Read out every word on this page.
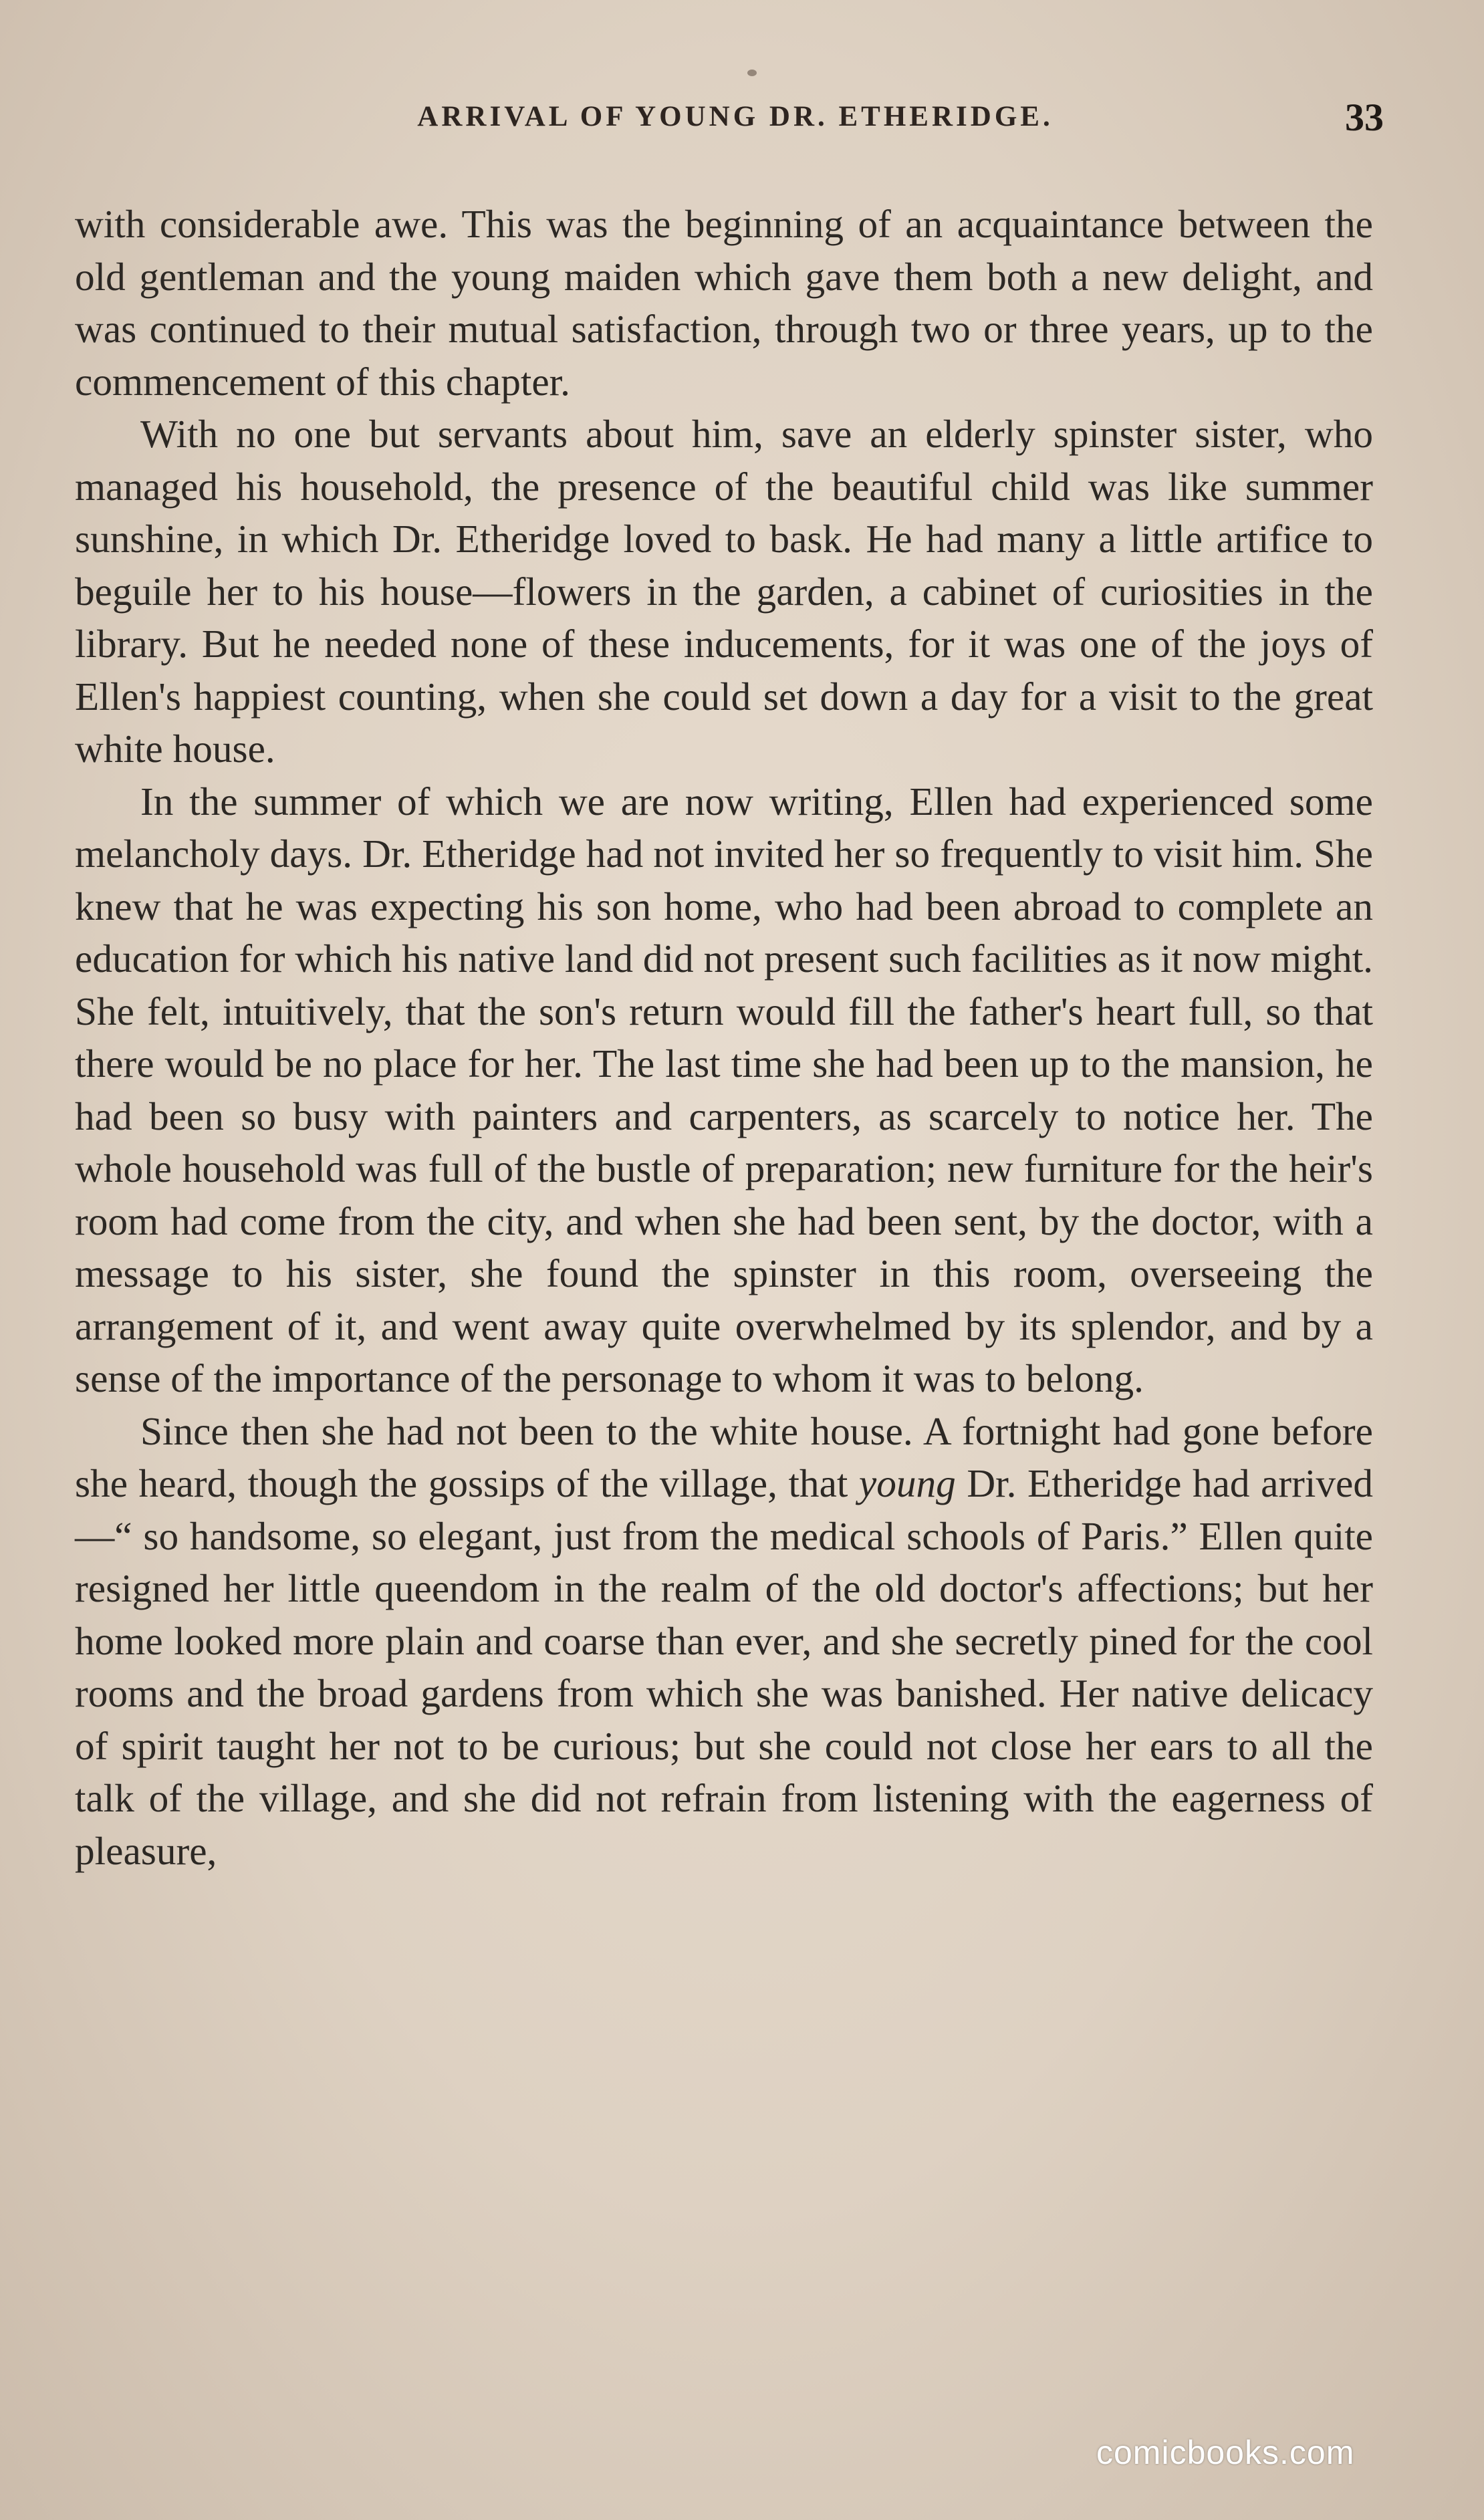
ARRIVAL OF YOUNG DR. ETHERIDGE.	33

with considerable awe. This was the beginning of an acquaintance between the old gentleman and the young maiden which gave them both a new delight, and was continued to their mutual satisfaction, through two or three years, up to the commencement of this chapter.

With no one but servants about him, save an elderly spinster sister, who managed his household, the presence of the beautiful child was like summer sunshine, in which Dr. Etheridge loved to bask. He had many a little artifice to beguile her to his house—flowers in the garden, a cabinet of curiosities in the library. But he needed none of these inducements, for it was one of the joys of Ellen's happiest counting, when she could set down a day for a visit to the great white house.

In the summer of which we are now writing, Ellen had experienced some melancholy days. Dr. Etheridge had not invited her so frequently to visit him. She knew that he was expecting his son home, who had been abroad to complete an education for which his native land did not present such facilities as it now might. She felt, intuitively, that the son's return would fill the father's heart full, so that there would be no place for her. The last time she had been up to the mansion, he had been so busy with painters and carpenters, as scarcely to notice her. The whole household was full of the bustle of preparation; new furniture for the heir's room had come from the city, and when she had been sent, by the doctor, with a message to his sister, she found the spinster in this room, overseeing the arrangement of it, and went away quite overwhelmed by its splendor, and by a sense of the importance of the personage to whom it was to belong.

Since then she had not been to the white house. A fortnight had gone before she heard, though the gossips of the village, that young Dr. Etheridge had arrived—“ so handsome, so elegant, just from the medical schools of Paris.” Ellen quite resigned her little queendom in the realm of the old doctor's affections; but her home looked more plain and coarse than ever, and she secretly pined for the cool rooms and the broad gardens from which she was banished. Her native delicacy of spirit taught her not to be curious; but she could not close her ears to all the talk of the village, and she did not refrain from listening with the eagerness of pleasure,

comicbooks.com
